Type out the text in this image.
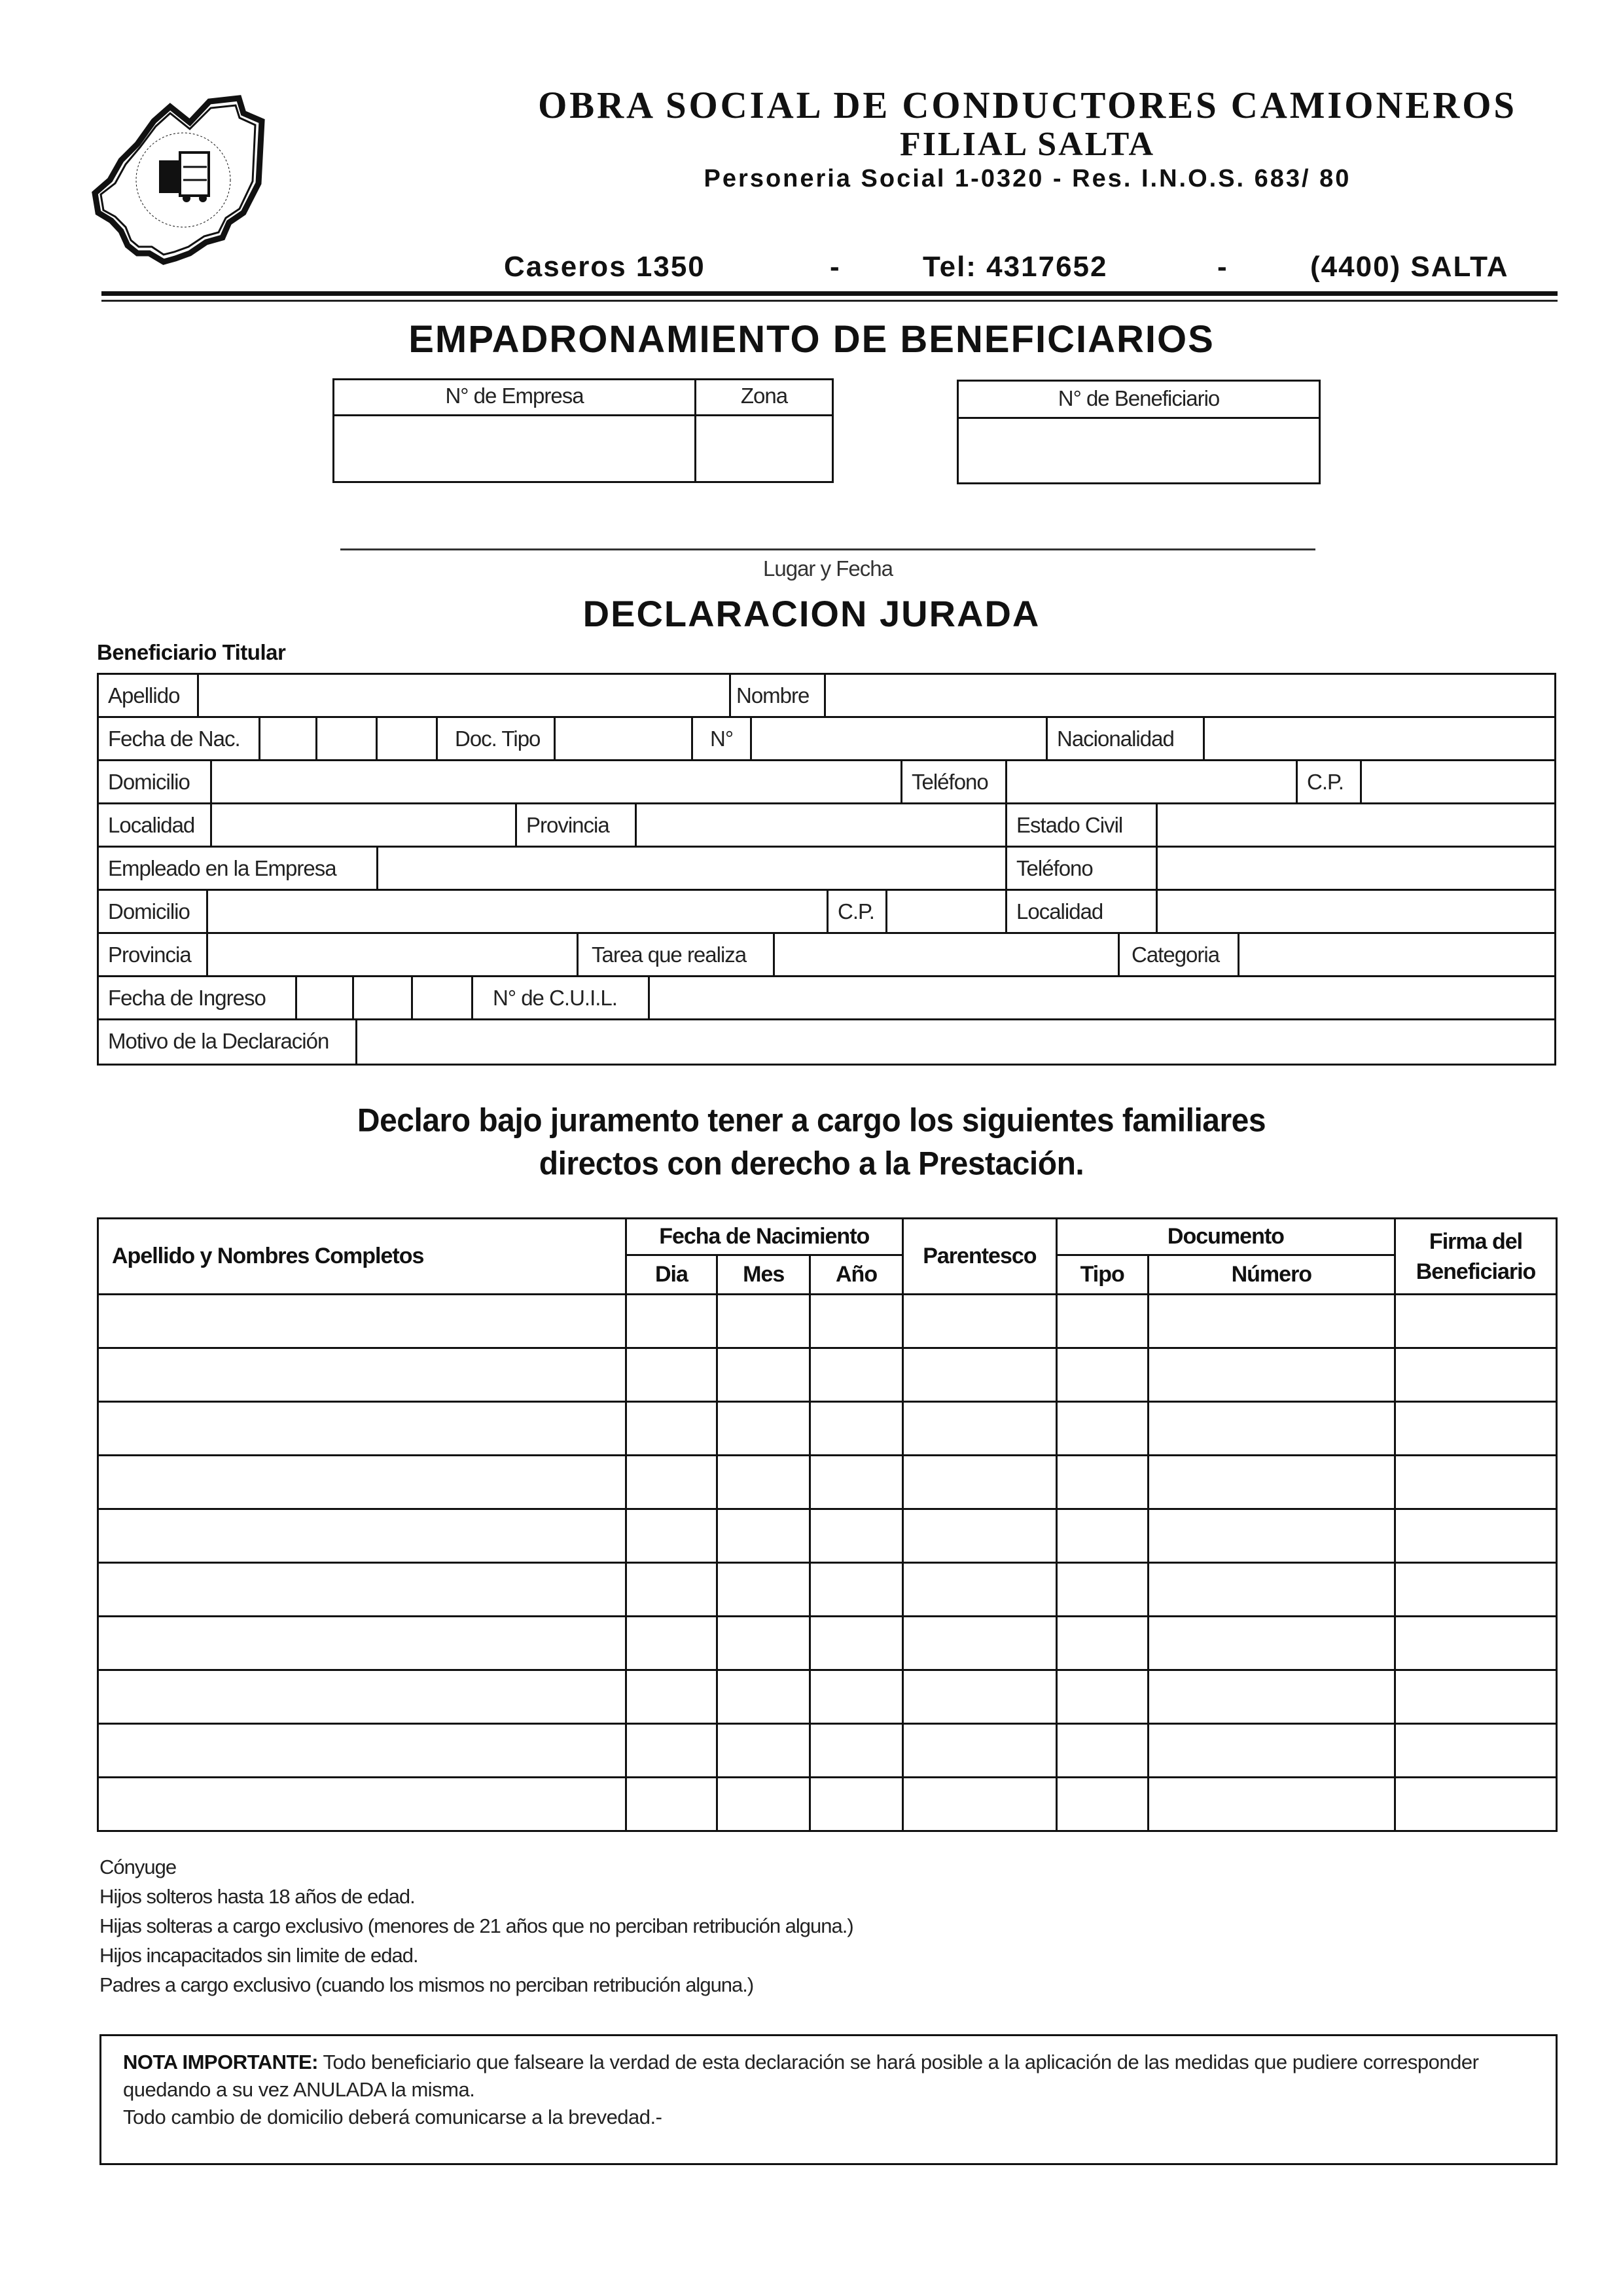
OBRA SOCIAL DE CONDUCTORES CAMIONEROS
FILIAL SALTA
Personeria Social 1-0320 - Res. I.N.O.S. 683/ 80
Caseros 1350	-	Tel: 4317652	-	(4400) SALTA
EMPADRONAMIENTO DE BENEFICIARIOS
N° de Empresa	Zona	N° de Beneficiario
Lugar y Fecha
DECLARACION JURADA
Beneficiario Titular
Apellido	Nombre
Fecha de Nac.	Doc. Tipo	N°	Nacionalidad
Domicilio	Teléfono	C.P.
Localidad	Provincia	Estado Civil
Empleado en la Empresa	Teléfono
Domicilio	C.P.	Localidad
Provincia	Tarea que realiza	Categoria
Fecha de Ingreso	N° de C.U.I.L.
Motivo de la Declaración
Declaro bajo juramento tener a cargo los siguientes familiares
directos con derecho a la Prestación.
Apellido y Nombres Completos	Fecha de Nacimiento			Parentesco	Documento		Firma del Beneficiario
	Dia	Mes	Año		Tipo	Número	

Cónyuge
Hijos solteros hasta 18 años de edad.
Hijas solteras a cargo exclusivo (menores de 21 años que no perciban retribución alguna.)
Hijos incapacitados sin limite de edad.
Padres a cargo exclusivo (cuando los mismos no perciban retribución alguna.)
NOTA IMPORTANTE: Todo beneficiario que falseare la verdad de esta declaración se hará posible a la aplicación de las medidas que pudiere corresponder quedando a su vez ANULADA la misma.
Todo cambio de domicilio deberá comunicarse a la brevedad.-
